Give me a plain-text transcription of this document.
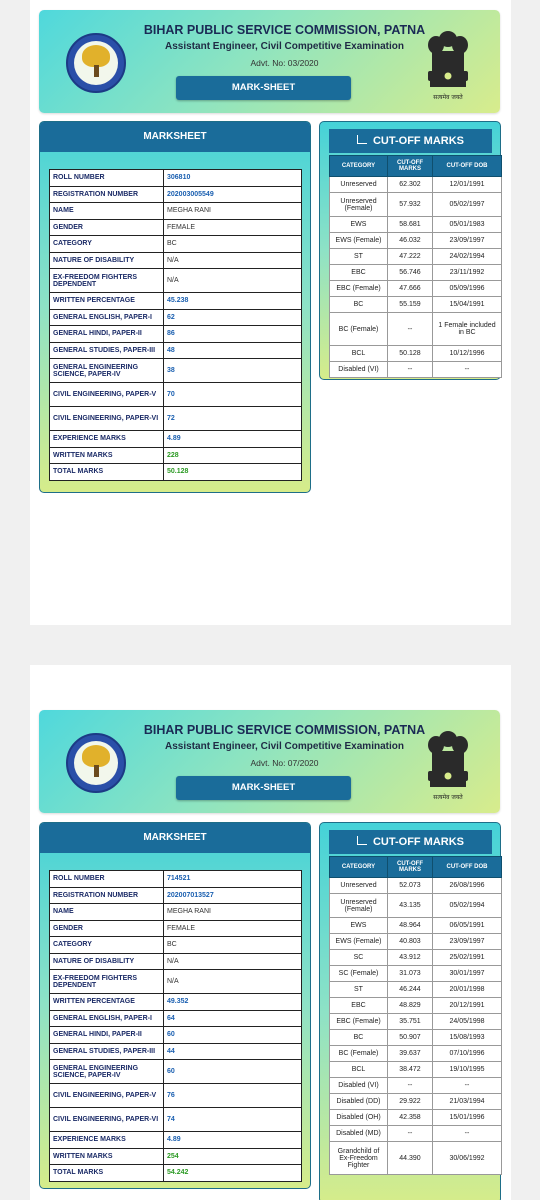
BIHAR PUBLIC SERVICE COMMISSION, PATNA
Assistant Engineer, Civil Competitive Examination
Advt. No: 03/2020
MARK-SHEET
सत्यमेव जयते
MARKSHEET
ROLL NUMBER	306810
REGISTRATION NUMBER	202003005549
NAME	MEGHA RANI
GENDER	FEMALE
CATEGORY	BC
NATURE OF DISABILITY	N/A
EX-FREEDOM FIGHTERS DEPENDENT	N/A
WRITTEN PERCENTAGE	45.238
GENERAL ENGLISH, PAPER-I	62
GENERAL HINDI, PAPER-II	86
GENERAL STUDIES, PAPER-III	48
GENERAL ENGINEERING SCIENCE, PAPER-IV	38
CIVIL ENGINEERING, PAPER-V	70
CIVIL ENGINEERING, PAPER-VI	72
EXPERIENCE MARKS	4.89
WRITTEN MARKS	228
TOTAL MARKS	50.128
CUT-OFF MARKS
CATEGORY	CUT-OFF MARKS	CUT-OFF DOB
Unreserved	62.302	12/01/1991
Unreserved (Female)	57.932	05/02/1997
EWS	58.681	05/01/1983
EWS (Female)	46.032	23/09/1997
ST	47.222	24/02/1994
EBC	56.746	23/11/1992
EBC (Female)	47.666	05/09/1996
BC	55.159	15/04/1991
BC (Female)	--	1 Female included in BC
BCL	50.128	10/12/1996
Disabled (VI)	--	--
BIHAR PUBLIC SERVICE COMMISSION, PATNA
Assistant Engineer, Civil Competitive Examination
Advt. No: 07/2020
MARK-SHEET
सत्यमेव जयते
MARKSHEET
ROLL NUMBER	714521
REGISTRATION NUMBER	202007013527
NAME	MEGHA RANI
GENDER	FEMALE
CATEGORY	BC
NATURE OF DISABILITY	N/A
EX-FREEDOM FIGHTERS DEPENDENT	N/A
WRITTEN PERCENTAGE	49.352
GENERAL ENGLISH, PAPER-I	64
GENERAL HINDI, PAPER-II	60
GENERAL STUDIES, PAPER-III	44
GENERAL ENGINEERING SCIENCE, PAPER-IV	60
CIVIL ENGINEERING, PAPER-V	76
CIVIL ENGINEERING, PAPER-VI	74
EXPERIENCE MARKS	4.89
WRITTEN MARKS	254
TOTAL MARKS	54.242
CUT-OFF MARKS
CATEGORY	CUT-OFF MARKS	CUT-OFF DOB
Unreserved	52.073	26/08/1996
Unreserved (Female)	43.135	05/02/1994
EWS	48.964	06/05/1991
EWS (Female)	40.803	23/09/1997
SC	43.912	25/02/1991
SC (Female)	31.073	30/01/1997
ST	46.244	20/01/1998
EBC	48.829	20/12/1991
EBC (Female)	35.751	24/05/1998
BC	50.907	15/08/1993
BC (Female)	39.637	07/10/1996
BCL	38.472	19/10/1995
Disabled (VI)	--	--
Disabled (DD)	29.922	21/03/1994
Disabled (OH)	42.358	15/01/1996
Disabled (MD)	--	--
Grandchild of Ex-Freedom Fighter	44.390	30/06/1992
